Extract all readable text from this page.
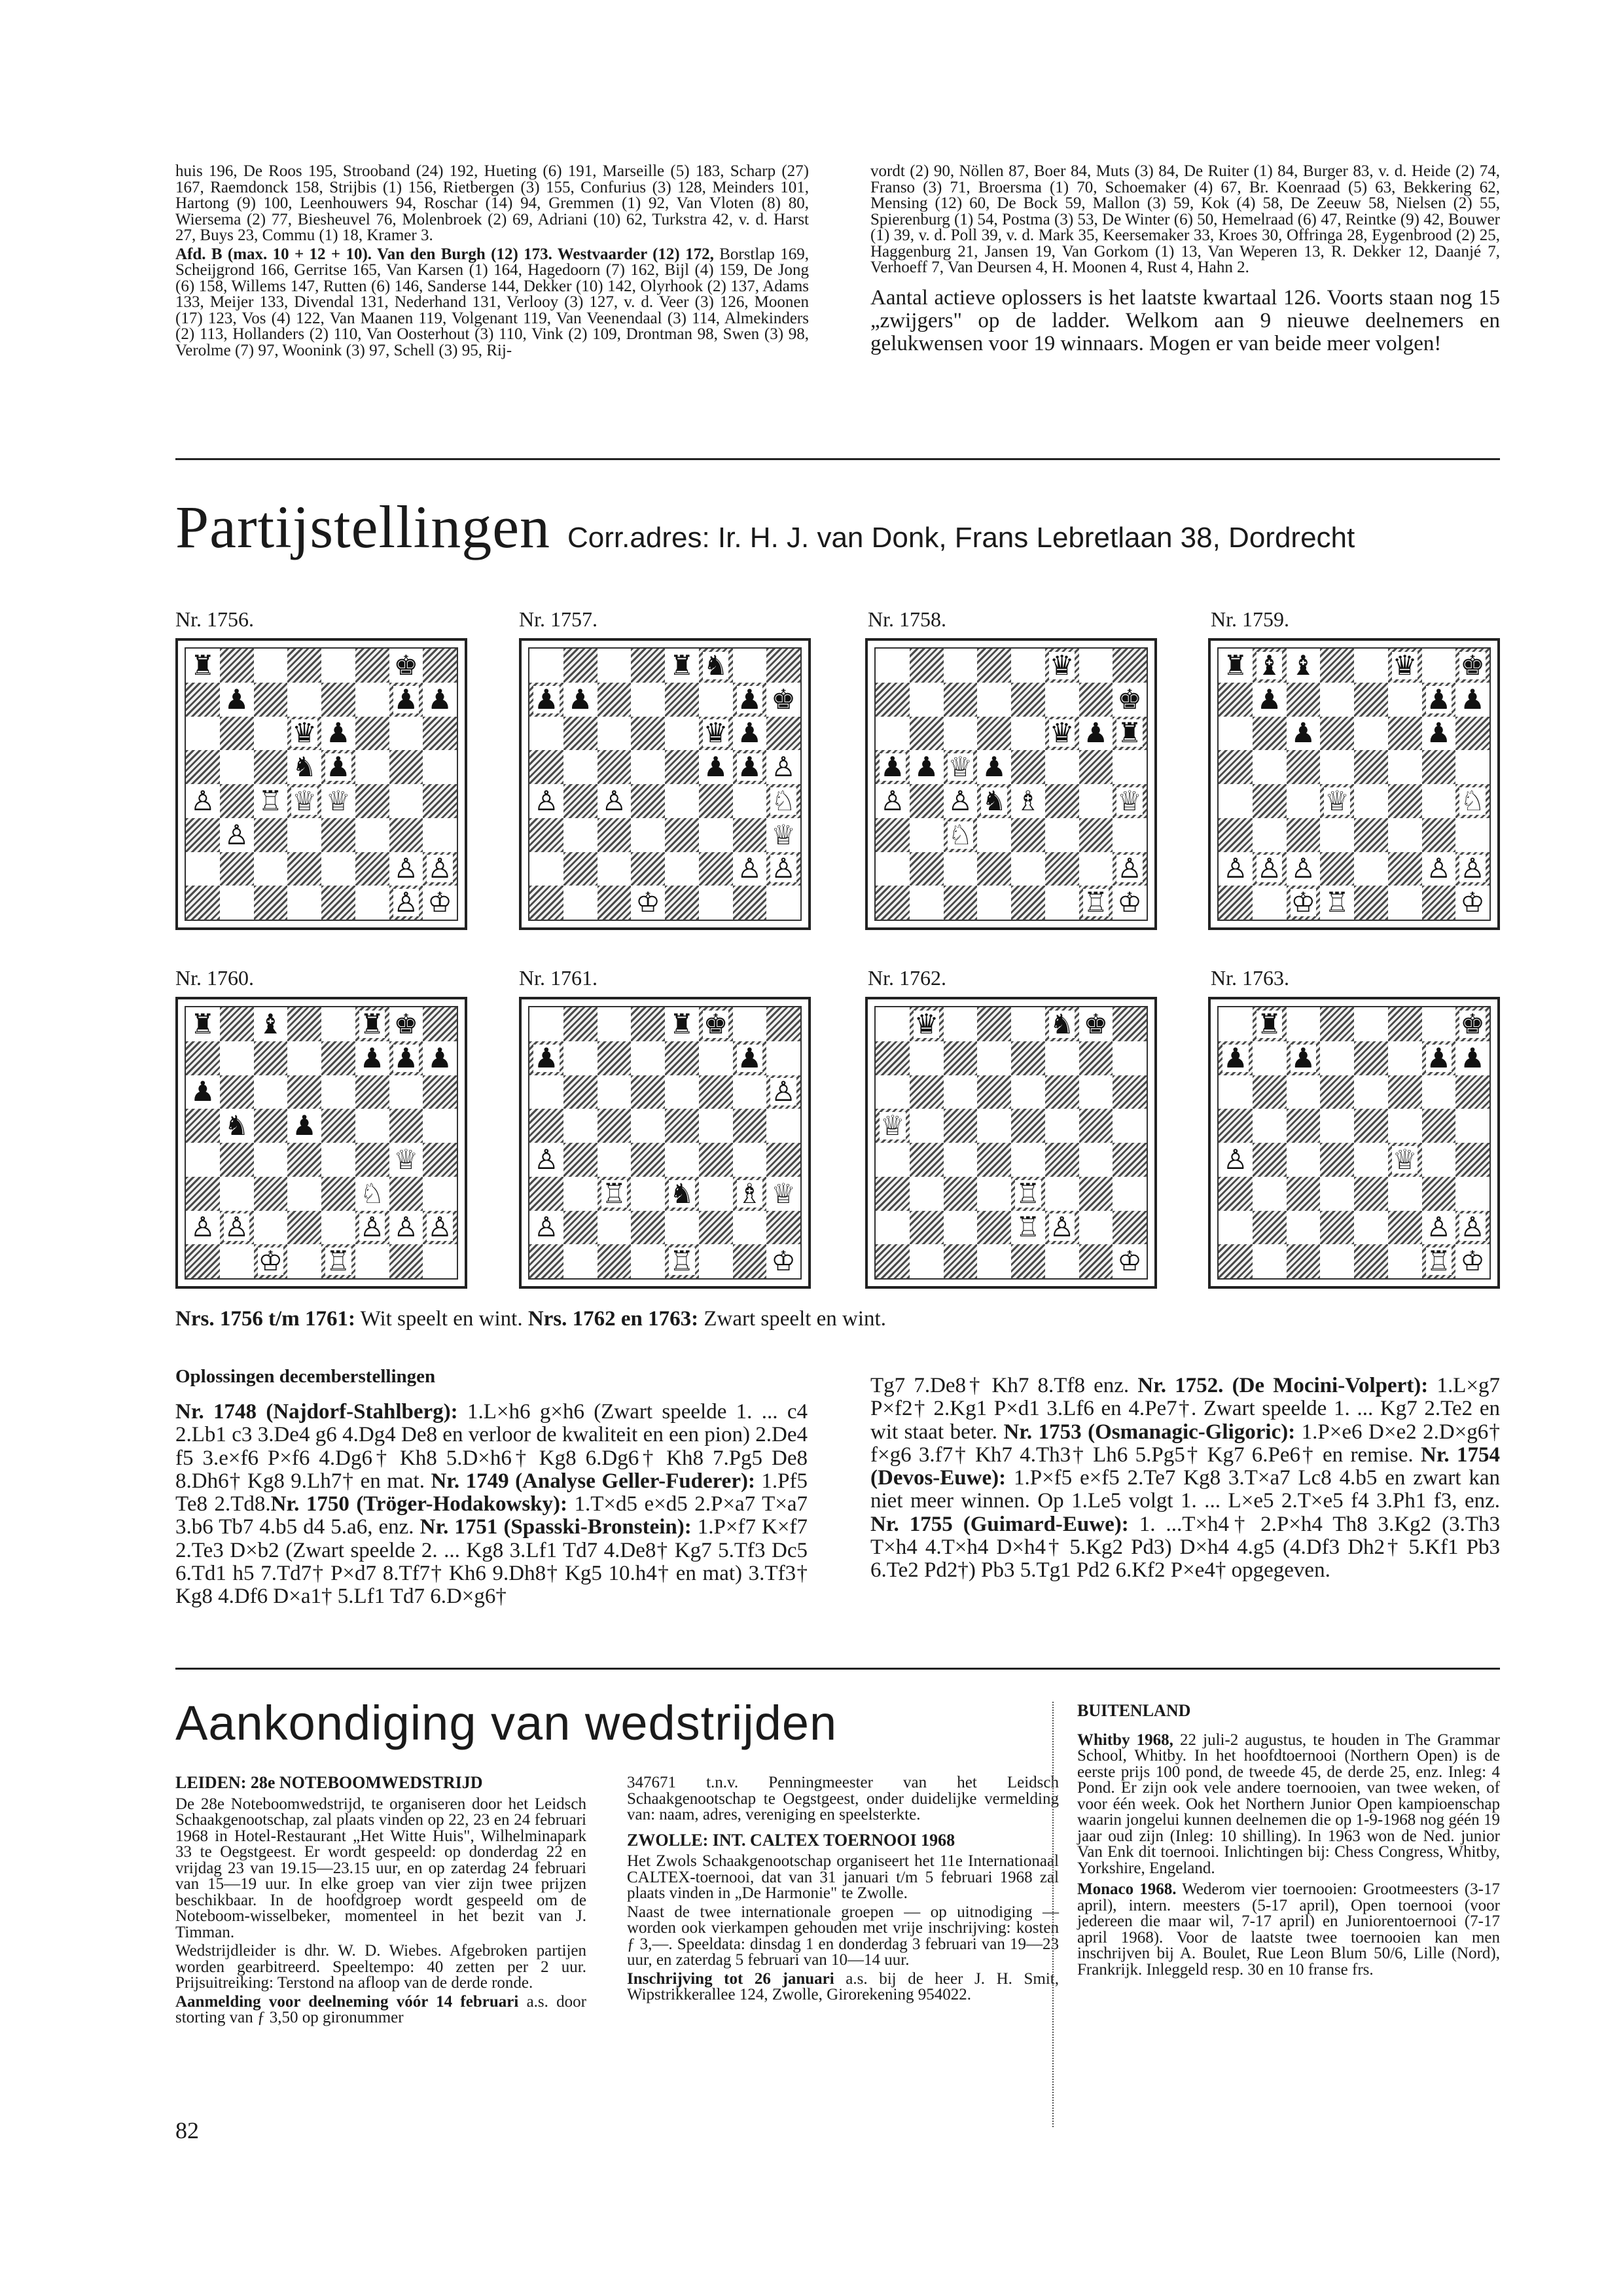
huis 196, De Roos 195, Strooband (24) 192, Hueting (6) 191, Marseille (5) 183, Scharp (27) 167, Raemdonck 158, Strijbis (1) 156, Rietbergen (3) 155, Confurius (3) 128, Meinders 101, Hartong (9) 100, Leenhouwers 94, Roschar (14) 94, Gremmen (1) 92, Van Vloten (8) 80, Wiersema (2) 77, Biesheuvel 76, Molenbroek (2) 69, Adriani (10) 62, Turkstra 42, v. d. Harst 27, Buys 23, Commu (1) 18, Kramer 3.
Afd. B (max. 10 + 12 + 10). Van den Burgh (12) 173. Westvaarder (12) 172, Borstlap 169, Scheijgrond 166, Gerritse 165, Van Karsen (1) 164, Hagedoorn (7) 162, Bijl (4) 159, De Jong (6) 158, Willems 147, Rutten (6) 146, Sanderse 144, Dekker (10) 142, Olyrhook (2) 137, Adams 133, Meijer 133, Divendal 131, Nederhand 131, Verlooy (3) 127, v. d. Veer (3) 126, Moonen (17) 123, Vos (4) 122, Van Maanen 119, Volgenant 119, Van Veenendaal (3) 114, Almekinders (2) 113, Hollanders (2) 110, Van Oosterhout (3) 110, Vink (2) 109, Drontman 98, Swen (3) 98, Verolme (7) 97, Woonink (3) 97, Schell (3) 95, Rij-
vordt (2) 90, Nöllen 87, Boer 84, Muts (3) 84, De Ruiter (1) 84, Burger 83, v. d. Heide (2) 74, Franso (3) 71, Broersma (1) 70, Schoemaker (4) 67, Br. Koenraad (5) 63, Bekkering 62, Mensing (12) 60, De Bock 59, Mallon (3) 59, Kok (4) 58, De Zeeuw 58, Nielsen (2) 55, Spierenburg (1) 54, Postma (3) 53, De Winter (6) 50, Hemelraad (6) 47, Reintke (9) 42, Bouwer (1) 39, v. d. Poll 39, v. d. Mark 35, Keersemaker 33, Kroes 30, Offringa 28, Eygenbrood (2) 25, Haggenburg 21, Jansen 19, Van Gorkom (1) 13, Van Weperen 13, R. Dekker 12, Daanjé 7, Verhoeff 7, Van Deursen 4, H. Moonen 4, Rust 4, Hahn 2.
Aantal actieve oplossers is het laatste kwartaal 126. Voorts staan nog 15 „zwijgers" op de ladder. Welkom aan 9 nieuwe deelnemers en gelukwensen voor 19 winnaars. Mogen er van beide meer volgen!
Partijstellingen Corr.adres: Ir. H. J. van Donk, Frans Lebretlaan 38, Dordrecht
Nr. 1756.	Nr. 1757.	Nr. 1758.	Nr. 1759.
Nr. 1760.	Nr. 1761.	Nr. 1762.	Nr. 1763.
♜	♚
♟	♟ ♟
♛ ♟
♞ ♟
♙ ♖ ♕ ♕
♙
♙ ♙
♙ ♔
♜ ♞
♟ ♟	♟ ♚
♛ ♟
♟ ♟ ♙
♙ ♙	♘
♕
♙ ♙
♔
♛
♚
♛ ♟ ♜
♟ ♟ ♕ ♟
♙ ♙ ♞ ♗	♕
♘
♙
♖ ♔
♜ ♝ ♝	♛ ♚
♟	♟ ♟
♟	♟
♕	♘
♙ ♙ ♙	♙ ♙
♔ ♖	♔
♜ ♝	♜ ♚
♟ ♟ ♟
♟
♞ ♟
♕
♘
♙ ♙	♙ ♙ ♙
♔ ♖
♜ ♚
♟	♟
♙
♙
♖ ♞ ♗ ♕
♙
♖	♔
♛	♞ ♚
♕
♖
♖ ♙
♔
♜	♚
♟ ♟	♟ ♟
♙	♕
♙ ♙
♖ ♔
Nrs. 1756 t/m 1761: Wit speelt en wint. Nrs. 1762 en 1763: Zwart speelt en wint.
Oplossingen decemberstellingen
Nr. 1748 (Najdorf-Stahlberg): 1.L×h6 g×h6 (Zwart speelde 1. ... c4 2.Lb1 c3 3.De4 g6 4.Dg4 De8 en verloor de kwaliteit en een pion) 2.De4 f5 3.e×f6 P×f6 4.Dg6† Kh8 5.D×h6† Kg8 6.Dg6† Kh8 7.Pg5 De8 8.Dh6† Kg8 9.Lh7† en mat. Nr. 1749 (Analyse Geller-Fuderer): 1.Pf5 Te8 2.Td8.Nr. 1750 (Tröger-Hodakowsky): 1.T×d5 e×d5 2.P×a7 T×a7 3.b6 Tb7 4.b5 d4 5.a6, enz. Nr. 1751 (Spasski-Bronstein): 1.P×f7 K×f7 2.Te3 D×b2 (Zwart speelde 2. ... Kg8 3.Lf1 Td7 4.De8† Kg7 5.Tf3 Dc5 6.Td1 h5 7.Td7† P×d7 8.Tf7† Kh6 9.Dh8† Kg5 10.h4† en mat) 3.Tf3† Kg8 4.Df6 D×a1† 5.Lf1 Td7 6.D×g6†
Tg7 7.De8† Kh7 8.Tf8 enz. Nr. 1752. (De Mocini-Volpert): 1.L×g7 P×f2† 2.Kg1 P×d1 3.Lf6 en 4.Pe7†. Zwart speelde 1. ... Kg7 2.Te2 en wit staat beter. Nr. 1753 (Osmanagic-Gligoric): 1.P×e6 D×e2 2.D×g6† f×g6 3.f7† Kh7 4.Th3† Lh6 5.Pg5† Kg7 6.Pe6† en remise. Nr. 1754 (Devos-Euwe): 1.P×f5 e×f5 2.Te7 Kg8 3.T×a7 Lc8 4.b5 en zwart kan niet meer winnen. Op 1.Le5 volgt 1. ... L×e5 2.T×e5 f4 3.Ph1 f3, enz. Nr. 1755 (Guimard-Euwe): 1. ...T×h4† 2.P×h4 Th8 3.Kg2 (3.Th3 T×h4 4.T×h4 D×h4† 5.Kg2 Pd3) D×h4 4.g5 (4.Df3 Dh2† 5.Kf1 Pb3 6.Te2 Pd2†) Pb3 5.Tg1 Pd2 6.Kf2 P×e4† opgegeven.
Aankondiging van wedstrijden
LEIDEN: 28e NOTEBOOMWEDSTRIJD
De 28e Noteboomwedstrijd, te organiseren door het Leidsch Schaakgenootschap, zal plaats vinden op 22, 23 en 24 februari 1968 in Hotel-Restaurant „Het Witte Huis", Wilhelminapark 33 te Oegstgeest. Er wordt gespeeld: op donderdag 22 en vrijdag 23 van 19.15—23.15 uur, en op zaterdag 24 februari van 15—19 uur. In elke groep van vier zijn twee prijzen beschikbaar. In de hoofdgroep wordt gespeeld om de Noteboom-wisselbeker, momenteel in het bezit van J. Timman.
Wedstrijdleider is dhr. W. D. Wiebes. Afgebroken partijen worden gearbitreerd. Speeltempo: 40 zetten per 2 uur. Prijsuitreiking: Terstond na afloop van de derde ronde.
Aanmelding voor deelneming vóór 14 februari a.s. door storting van ƒ 3,50 op gironummer
347671 t.n.v. Penningmeester van het Leidsch Schaakgenootschap te Oegstgeest, onder duidelijke vermelding van: naam, adres, vereniging en speelsterkte.
ZWOLLE: INT. CALTEX TOERNOOI 1968
Het Zwols Schaakgenootschap organiseert het 11e Internationaal CALTEX-toernooi, dat van 31 januari t/m 5 februari 1968 zal plaats vinden in „De Harmonie" te Zwolle.
Naast de twee internationale groepen — op uitnodiging — worden ook vierkampen gehouden met vrije inschrijving: kosten ƒ 3,—. Speeldata: dinsdag 1 en donderdag 3 februari van 19—23 uur, en zaterdag 5 februari van 10—14 uur.
Inschrijving tot 26 januari a.s. bij de heer J. H. Smit, Wipstrikkerallee 124, Zwolle, Girorekening 954022.
BUITENLAND
Whitby 1968, 22 juli-2 augustus, te houden in The Grammar School, Whitby. In het hoofdtoernooi (Northern Open) is de eerste prijs 100 pond, de tweede 45, de derde 25, enz. Inleg: 4 Pond. Er zijn ook vele andere toernooien, van twee weken, of voor één week. Ook het Northern Junior Open kampioenschap waarin jongelui kunnen deelnemen die op 1-9-1968 nog géén 19 jaar oud zijn (Inleg: 10 shilling). In 1963 won de Ned. junior Van Enk dit toernooi. Inlichtingen bij: Chess Congress, Whitby, Yorkshire, Engeland.
Monaco 1968. Wederom vier toernooien: Grootmeesters (3-17 april), intern. meesters (5-17 april), Open toernooi (voor jedereen die maar wil, 7-17 april) en Juniorentoernooi (7-17 april 1968). Voor de laatste twee toernooien kan men inschrijven bij A. Boulet, Rue Leon Blum 50/6, Lille (Nord), Frankrijk. Inleggeld resp. 30 en 10 franse frs.
82
